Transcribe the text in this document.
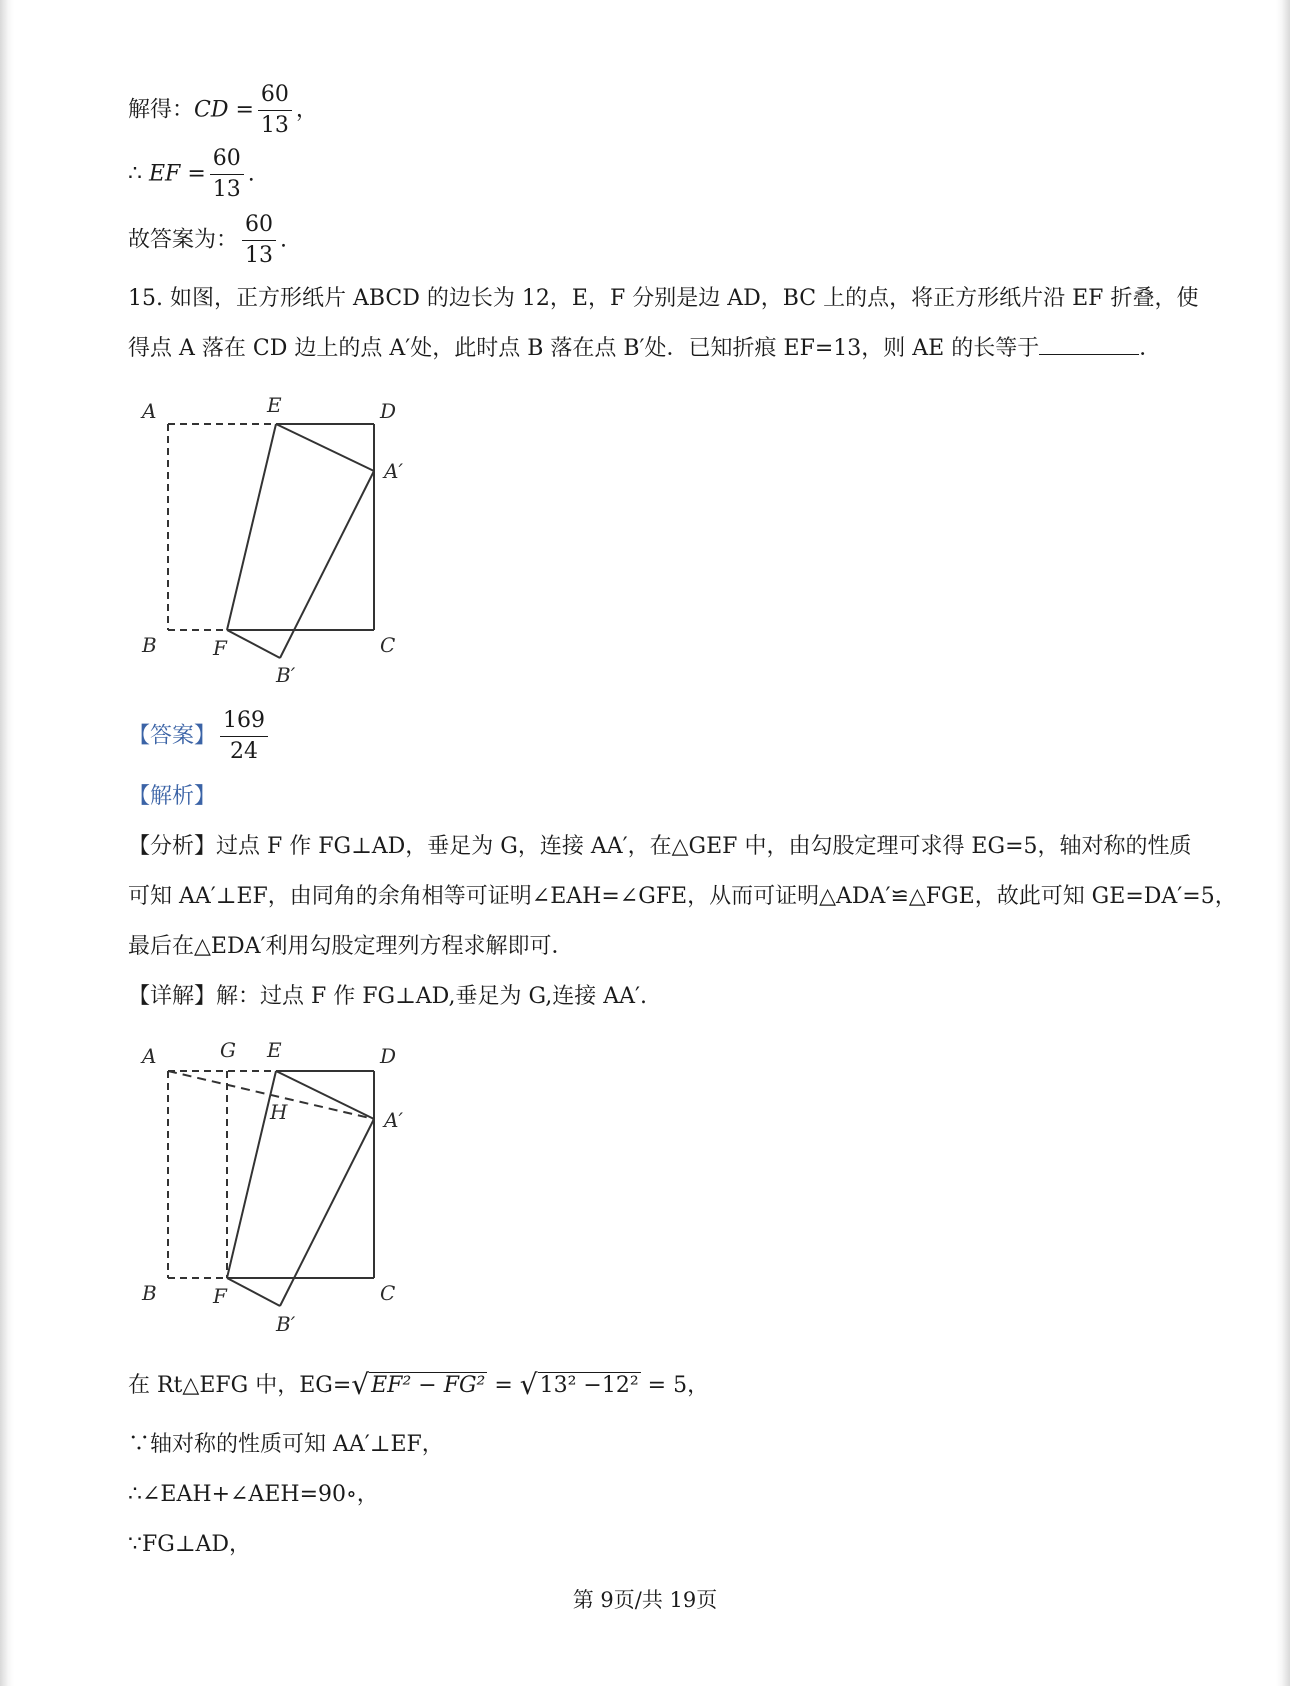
解得：CD = $\frac{60}{13}$ ，
∴ EF = $\frac{60}{13}$ .
故答案为： $\frac{60}{13}$ .
15. 如图，正方形纸片 ABCD 的边长为 12，E，F 分别是边 AD，BC 上的点，将正方形纸片沿 EF 折叠，使
得点 A 落在 CD 边上的点 A′处，此时点 B 落在点 B′处．已知折痕 EF=13，则 AE 的长等于	．
A	E	D
A′
B	F	C
B′
【答案】 $\frac{169}{24}$
【解析】
【分析】过点 F 作 FG⊥AD，垂足为 G，连接 AA′，在△GEF 中，由勾股定理可求得 EG=5，轴对称的性质
可知 AA′⊥EF，由同角的余角相等可证明∠EAH=∠GFE，从而可证明△ADA′≌△FGE，故此可知 GE=DA′=5，
最后在△EDA′利用勾股定理列方程求解即可．
【详解】解：过点 F 作 FG⊥AD,垂足为 G,连接 AA′.
A	G E	D
H	A′
B	F	C
B′
在 Rt△EFG 中，EG=√EF² − FG² = √13² −12² = 5，
∵轴对称的性质可知 AA′⊥EF，
∴∠EAH+∠AEH=90∘，
∵FG⊥AD，
第 9页/共 19页
